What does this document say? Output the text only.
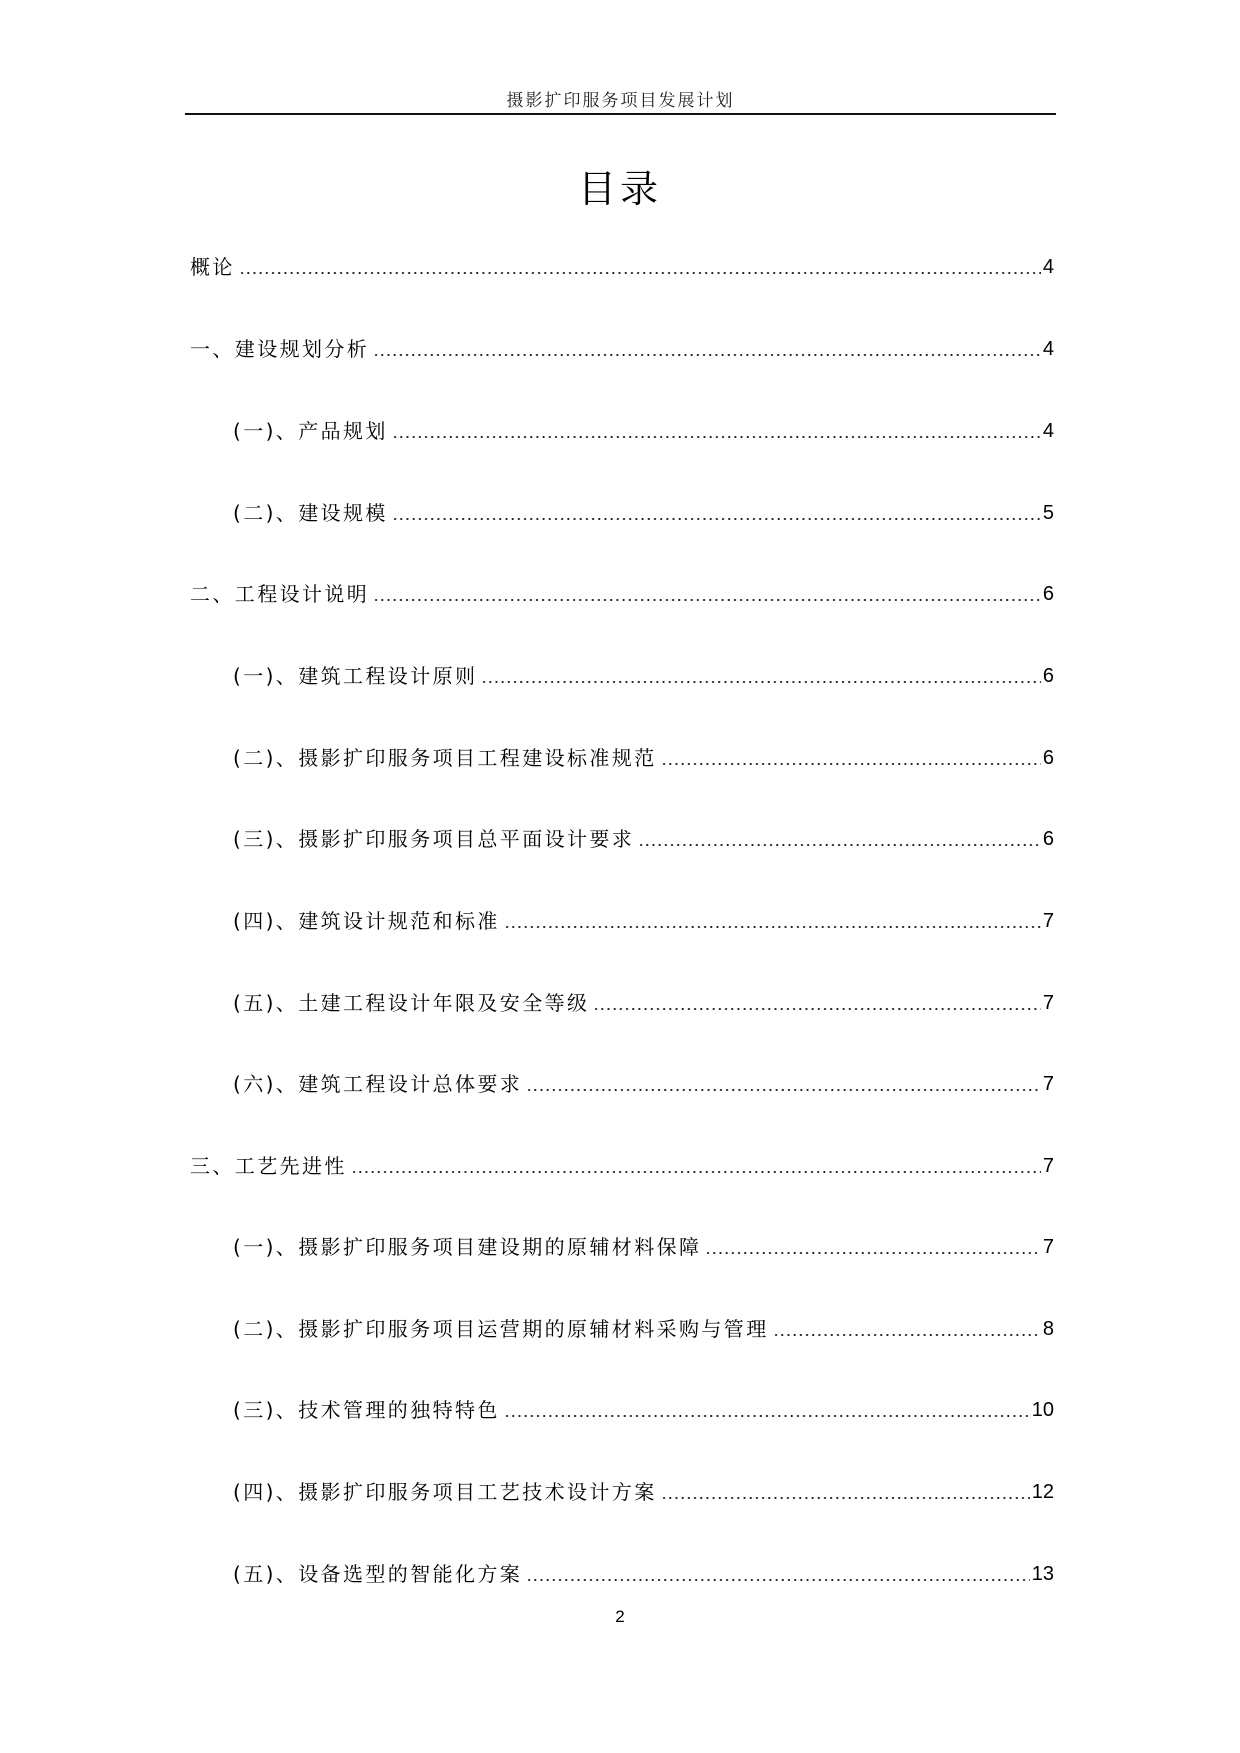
摄影扩印服务项目发展计划
目录
概论	4
一、建设规划分析	4
(一)、产品规划	4
(二)、建设规模	5
二、工程设计说明	6
(一)、建筑工程设计原则	6
(二)、摄影扩印服务项目工程建设标准规范	6
(三)、摄影扩印服务项目总平面设计要求	6
(四)、建筑设计规范和标准	7
(五)、土建工程设计年限及安全等级	7
(六)、建筑工程设计总体要求	7
三、工艺先进性	7
(一)、摄影扩印服务项目建设期的原辅材料保障	7
(二)、摄影扩印服务项目运营期的原辅材料采购与管理	8
(三)、技术管理的独特特色	10
(四)、摄影扩印服务项目工艺技术设计方案	12
(五)、设备选型的智能化方案	13
2
